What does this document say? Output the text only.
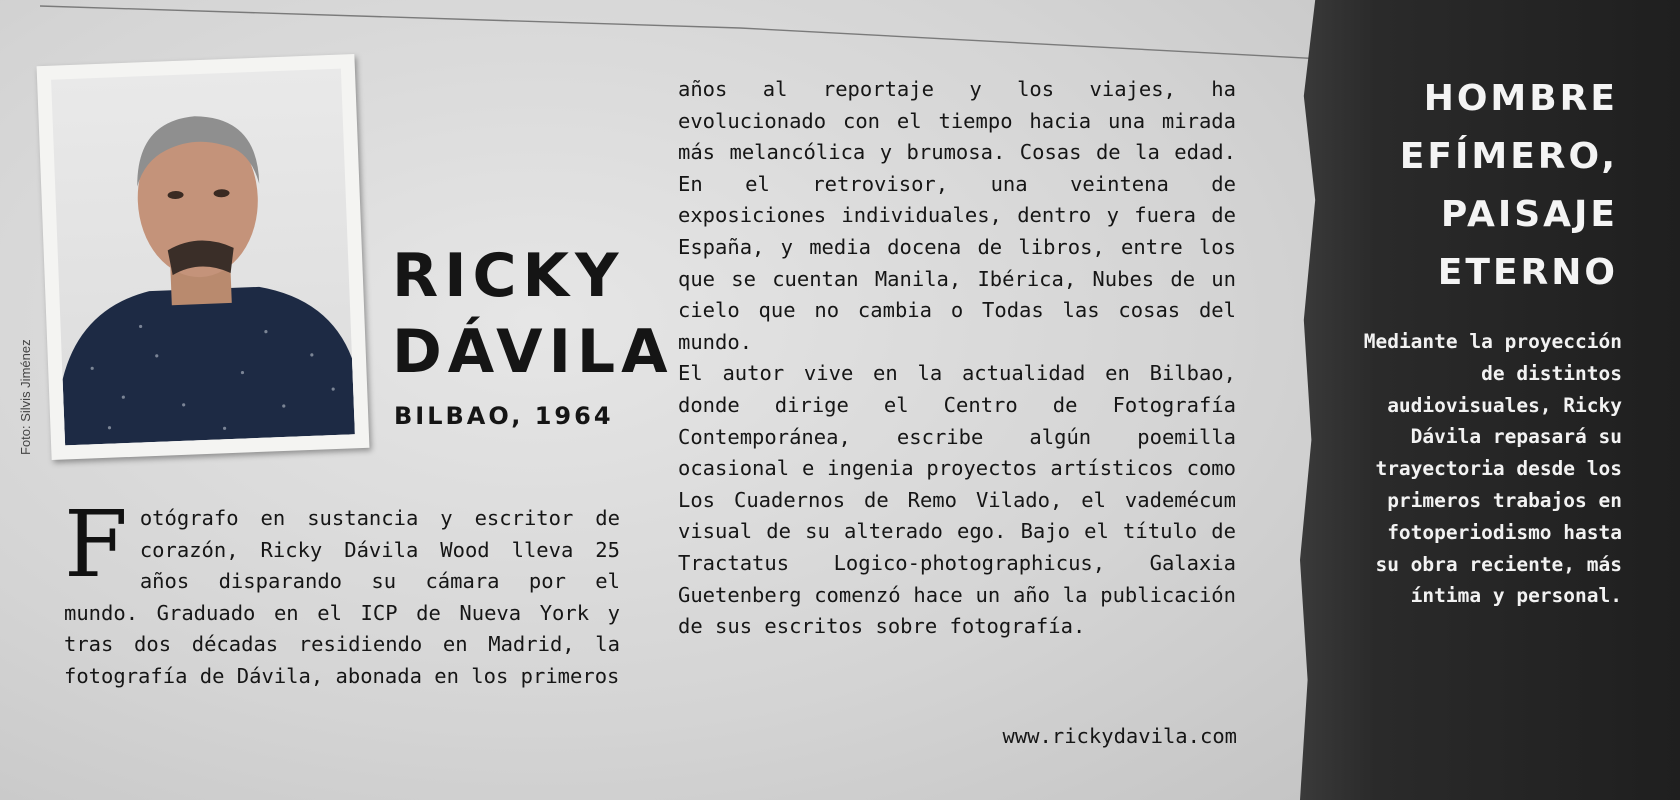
Foto: Silvis Jiménez
RICKY
DÁVILA
BILBAO, 1964
Fotógrafo en sustancia y escritor de corazón, Ricky Dávila Wood lleva 25 años disparando su cámara por el mundo. Graduado en el ICP de Nueva York y tras dos décadas residiendo en Madrid, la fotografía de Dávila, abonada en los primeros

años al reportaje y los viajes, ha evolucionado con el tiempo hacia una mirada más melancólica y brumosa. Cosas de la edad. En el retrovisor, una veintena de exposiciones individuales, dentro y fuera de España, y media docena de libros, entre los que se cuentan Manila, Ibérica, Nubes de un cielo que no cambia o Todas las cosas del mundo.

El autor vive en la actualidad en Bilbao, donde dirige el Centro de Fotografía Contemporánea, escribe algún poemilla ocasional e ingenia proyectos artísticos como Los Cuadernos de Remo Vilado, el vademécum visual de su alterado ego. Bajo el título de Tractatus Logico-photographicus, Galaxia Guetenberg comenzó hace un año la publicación de sus escritos sobre fotografía.

www.rickydavila.com
HOMBRE
EFÍMERO,
PAISAJE
ETERNO
Mediante la proyección de distintos audiovisuales, Ricky Dávila repasará su trayectoria desde los primeros trabajos en fotoperiodismo hasta su obra reciente, más íntima y personal.
